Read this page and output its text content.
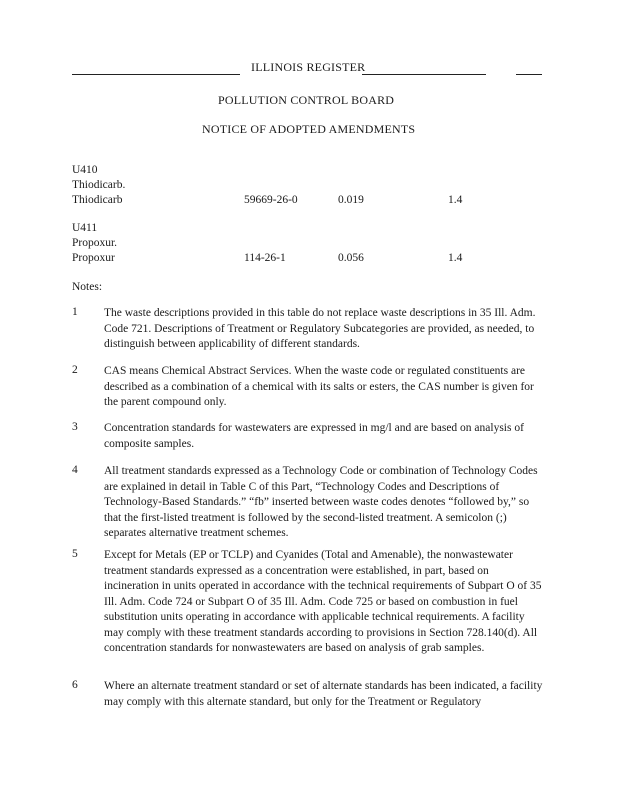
ILLINOIS REGISTER
POLLUTION CONTROL BOARD
NOTICE OF ADOPTED AMENDMENTS
U410
Thiodicarb.
Thiodicarb	59669-26-0	0.019	1.4
U411
Propoxur.
Propoxur	114-26-1	0.056	1.4
Notes:
1 The waste descriptions provided in this table do not replace waste descriptions in 35 Ill. Adm. Code 721. Descriptions of Treatment or Regulatory Subcategories are provided, as needed, to distinguish between applicability of different standards.
2 CAS means Chemical Abstract Services. When the waste code or regulated constituents are described as a combination of a chemical with its salts or esters, the CAS number is given for the parent compound only.
3 Concentration standards for wastewaters are expressed in mg/l and are based on analysis of composite samples.
4 All treatment standards expressed as a Technology Code or combination of Technology Codes are explained in detail in Table C of this Part, “Technology Codes and Descriptions of Technology-Based Standards.” “fb” inserted between waste codes denotes “followed by,” so that the first-listed treatment is followed by the second-listed treatment. A semicolon (;) separates alternative treatment schemes.
5 Except for Metals (EP or TCLP) and Cyanides (Total and Amenable), the nonwastewater treatment standards expressed as a concentration were established, in part, based on incineration in units operated in accordance with the technical requirements of Subpart O of 35 Ill. Adm. Code 724 or Subpart O of 35 Ill. Adm. Code 725 or based on combustion in fuel substitution units operating in accordance with applicable technical requirements. A facility may comply with these treatment standards according to provisions in Section 728.140(d). All concentration standards for nonwastewaters are based on analysis of grab samples.
6 Where an alternate treatment standard or set of alternate standards has been indicated, a facility may comply with this alternate standard, but only for the Treatment or Regulatory
